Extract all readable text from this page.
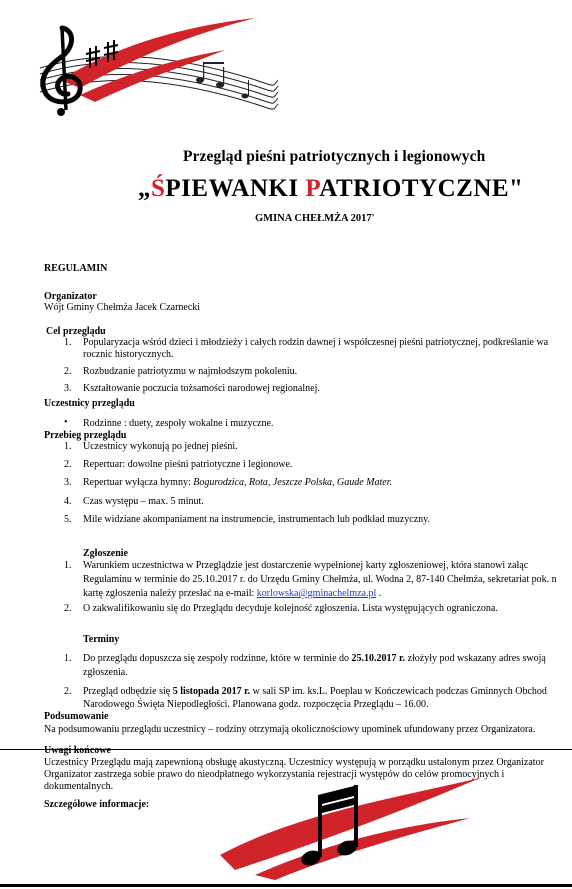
Przegląd pieśni patriotycznych i legionowych
„ŚPIEWANKI PATRIOTYCZNE"
GMINA CHEŁMŻA 2017'
REGULAMIN
Organizator
Wójt Gminy Chełmża Jacek Czarnecki
Cel przeglądu
1. Popularyzacja wśród dzieci i młodzieży i całych rodzin dawnej i współczesnej pieśni patriotycznej, podkreślanie wa
rocznic historycznych.
2. Rozbudzanie patriotyzmu w najmłodszym pokoleniu.
3. Kształtowanie poczucia tożsamości narodowej regionalnej.
Uczestnicy przeglądu
• Rodzinne : duety, zespoły wokalne i muzyczne.
Przebieg przeglądu
1. Uczestnicy wykonują po jednej pieśni.
2. Repertuar: dowolne pieśni patriotyczne i legionowe.
3. Repertuar wyłącza hymny: Bogurodzica, Rota, Jeszcze Polska, Gaude Mater.
4. Czas występu – max. 5 minut.
5. Mile widziane akompaniament na instrumencie, instrumentach lub podkład muzyczny.
Zgłoszenie
1. Warunkiem uczestnictwa w Przeglądzie jest dostarczenie wypełnionej karty zgłoszeniowej, która stanowi załąc
Regulaminu w terminie do 25.10.2017 r. do Urzędu Gminy Chełmża, ul. Wodna 2, 87-140 Chełmża, sekretariat pok. n
kartę zgłoszenia należy przesłać na e-mail: korlowska@gminachelmza.pl .
2. O zakwalifikowaniu się do Przeglądu decyduje kolejność zgłoszenia. Lista występujących ograniczona.
Terminy
1. Do przeglądu dopuszcza się zespoły rodzinne, które w terminie do 25.10.2017 r. złożyły pod wskazany adres swoją
zgłoszenia.
2. Przegląd odbędzie się 5 listopada 2017 r. w sali SP im. ks.L. Poeplau w Kończewicach podczas Gminnych Obchod
Narodowego Święta Niepodległości. Planowana godz. rozpoczęcia Przeglądu – 16.00.
Podsumowanie
Na podsumowaniu przeglądu uczestnicy – rodziny otrzymają okolicznościowy upominek ufundowany przez Organizatora.
Uwagi końcowe
Uczestnicy Przeglądu mają zapewnioną obsługę akustyczną. Uczestnicy występują w porządku ustalonym przez Organizator
Organizator zastrzega sobie prawo do nieodpłatnego wykorzystania rejestracji występów do celów promocyjnych i
dokumentalnych.
Szczegółowe informacje:
